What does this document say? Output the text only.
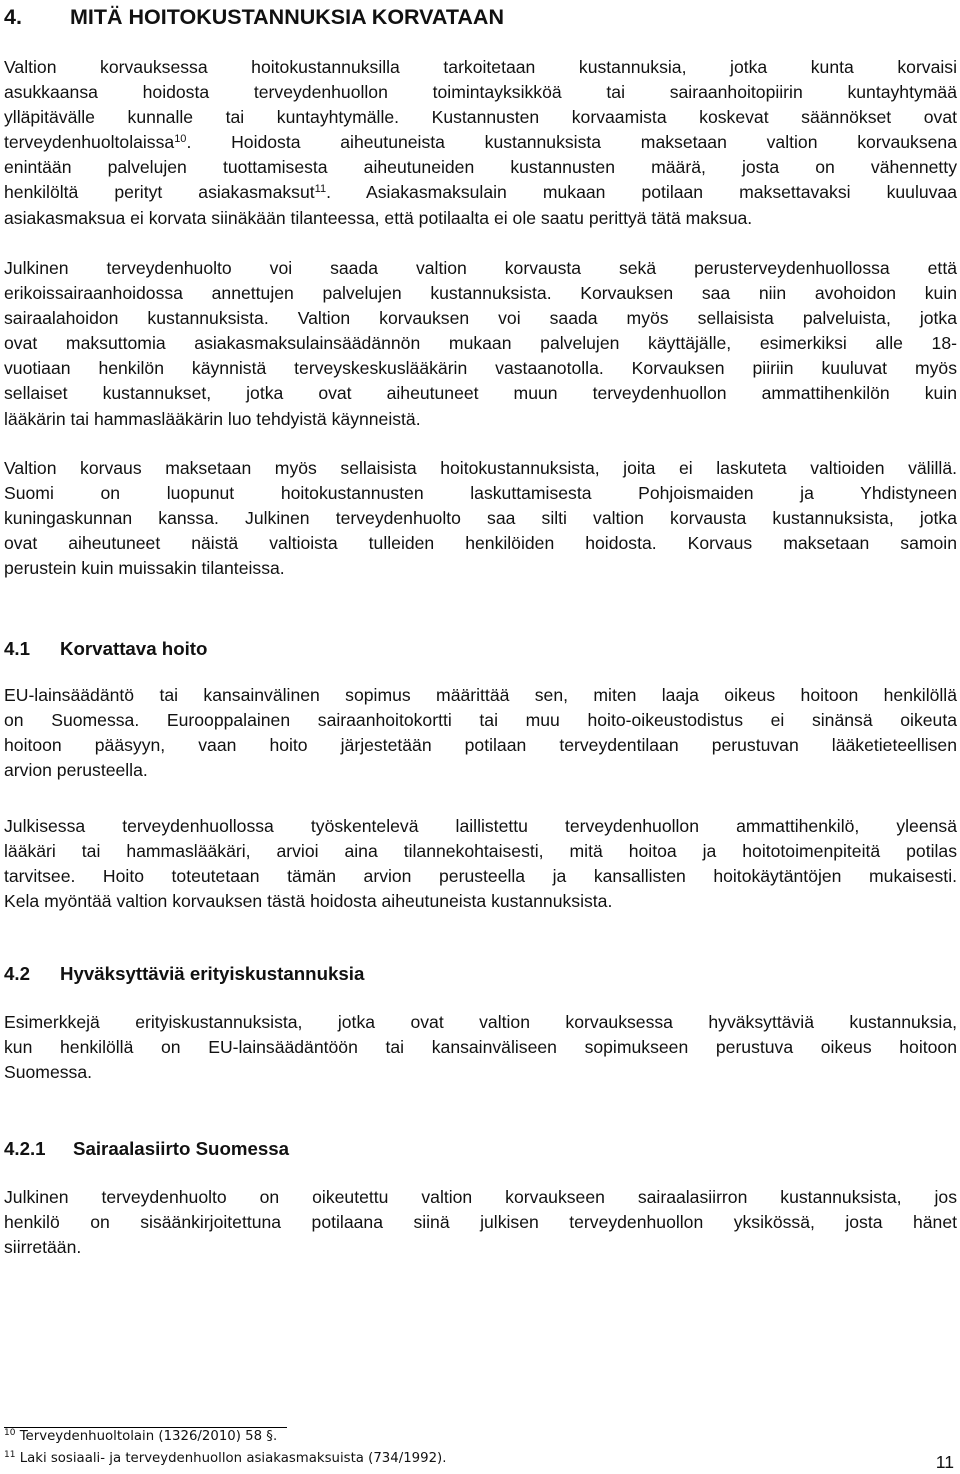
4. MITÄ HOITOKUSTANNUKSIA KORVATAAN
Valtion korvauksessa hoitokustannuksilla tarkoitetaan kustannuksia, jotka kunta korvaisi
asukkaansa hoidosta terveydenhuollon toimintayksikköä tai sairaanhoitopiirin kuntayhtymää
ylläpitävälle kunnalle tai kuntayhtymälle. Kustannusten korvaamista koskevat säännökset ovat
terveydenhuoltolaissa$^{10}$. Hoidosta aiheutuneista kustannuksista maksetaan valtion korvauksena
enintään palvelujen tuottamisesta aiheutuneiden kustannusten määrä, josta on vähennetty
henkilöltä perityt asiakasmaksut$^{11}$. Asiakasmaksulain mukaan potilaan maksettavaksi kuuluvaa
asiakasmaksua ei korvata siinäkään tilanteessa, että potilaalta ei ole saatu perittyä tätä maksua.
Julkinen terveydenhuolto voi saada valtion korvausta sekä perusterveydenhuollossa että
erikoissairaanhoidossa annettujen palvelujen kustannuksista. Korvauksen saa niin avohoidon kuin
sairaalahoidon kustannuksista. Valtion korvauksen voi saada myös sellaisista palveluista, jotka
ovat maksuttomia asiakasmaksulainsäädännön mukaan palvelujen käyttäjälle, esimerkiksi alle 18-
vuotiaan henkilön käynnistä terveyskeskuslääkärin vastaanotolla. Korvauksen piiriin kuuluvat myös
sellaiset kustannukset, jotka ovat aiheutuneet muun terveydenhuollon ammattihenkilön kuin
lääkärin tai hammaslääkärin luo tehdyistä käynneistä.
Valtion korvaus maksetaan myös sellaisista hoitokustannuksista, joita ei laskuteta valtioiden välillä.
Suomi on luopunut hoitokustannusten laskuttamisesta Pohjoismaiden ja Yhdistyneen
kuningaskunnan kanssa. Julkinen terveydenhuolto saa silti valtion korvausta kustannuksista, jotka
ovat aiheutuneet näistä valtioista tulleiden henkilöiden hoidosta. Korvaus maksetaan samoin
perustein kuin muissakin tilanteissa.
4.1 Korvattava hoito
EU-lainsäädäntö tai kansainvälinen sopimus määrittää sen, miten laaja oikeus hoitoon henkilöllä
on Suomessa. Eurooppalainen sairaanhoitokortti tai muu hoito-oikeustodistus ei sinänsä oikeuta
hoitoon pääsyyn, vaan hoito järjestetään potilaan terveydentilaan perustuvan lääketieteellisen
arvion perusteella.
Julkisessa terveydenhuollossa työskentelevä laillistettu terveydenhuollon ammattihenkilö, yleensä
lääkäri tai hammaslääkäri, arvioi aina tilannekohtaisesti, mitä hoitoa ja hoitotoimenpiteitä potilas
tarvitsee. Hoito toteutetaan tämän arvion perusteella ja kansallisten hoitokäytäntöjen mukaisesti.
Kela myöntää valtion korvauksen tästä hoidosta aiheutuneista kustannuksista.
4.2 Hyväksyttäviä erityiskustannuksia
Esimerkkejä erityiskustannuksista, jotka ovat valtion korvauksessa hyväksyttäviä kustannuksia,
kun henkilöllä on EU-lainsäädäntöön tai kansainväliseen sopimukseen perustuva oikeus hoitoon
Suomessa.
4.2.1 Sairaalasiirto Suomessa
Julkinen terveydenhuolto on oikeutettu valtion korvaukseen sairaalasiirron kustannuksista, jos
henkilö on sisäänkirjoitettuna potilaana siinä julkisen terveydenhuollon yksikössä, josta hänet
siirretään.
$^{10}$ Terveydenhuoltolain (1326/2010) 58 §.
$^{11}$ Laki sosiaali- ja terveydenhuollon asiakasmaksuista (734/1992).	11
